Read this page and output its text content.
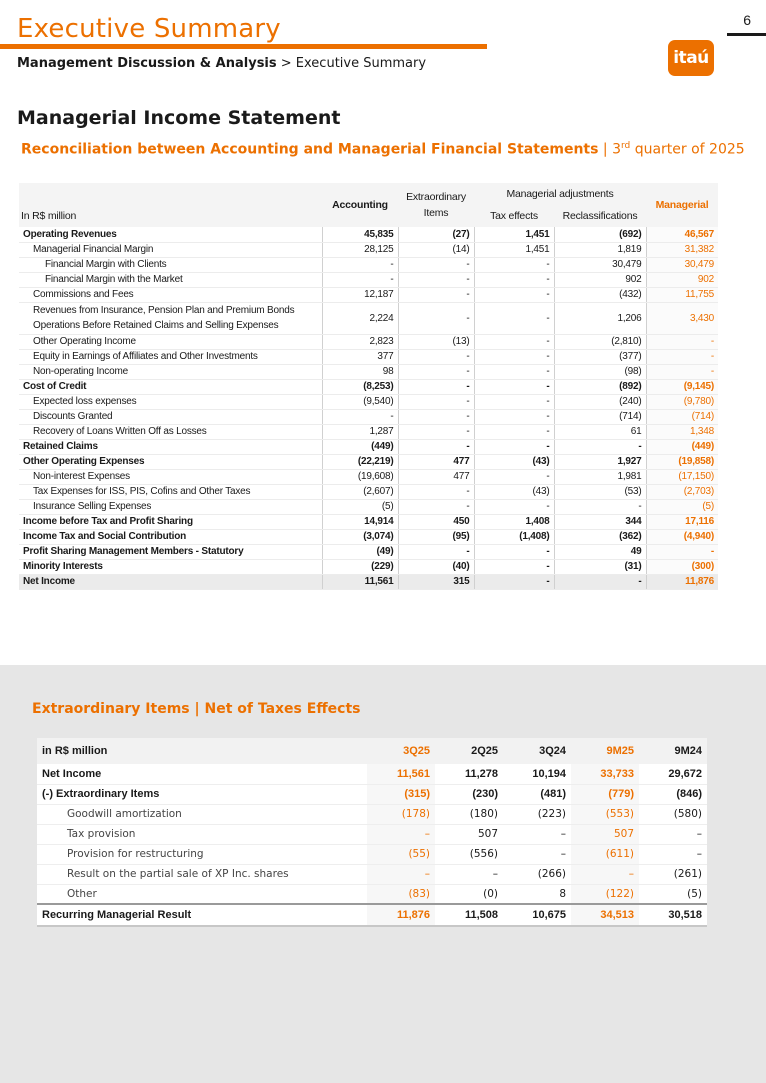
Executive Summary	6
itaú
Management Discussion & Analysis > Executive Summary
Managerial Income Statement
Reconciliation between Accounting and Managerial Financial Statements | 3rd quarter of 2025
In R$ million	Accounting	Extraordinary Items	Managerial adjustments		Managerial
			Tax effects	Reclassifications	
Operating Revenues	45,835	(27)	1,451	(692)	46,567
Managerial Financial Margin	28,125	(14)	1,451	1,819	31,382
Financial Margin with Clients	-	-	-	30,479	30,479
Financial Margin with the Market	-	-	-	902	902
Commissions and Fees	12,187	-	-	(432)	11,755
Revenues from Insurance, Pension Plan and Premium Bonds Operations Before Retained Claims and Selling Expenses	2,224	-	-	1,206	3,430
Other Operating Income	2,823	(13)	-	(2,810)	-
Equity in Earnings of Affiliates and Other Investments	377	-	-	(377)	-
Non-operating Income	98	-	-	(98)	-
Cost of Credit	(8,253)	-	-	(892)	(9,145)
Expected loss expenses	(9,540)	-	-	(240)	(9,780)
Discounts Granted	-	-	-	(714)	(714)
Recovery of Loans Written Off as Losses	1,287	-	-	61	1,348
Retained Claims	(449)	-	-	-	(449)
Other Operating Expenses	(22,219)	477	(43)	1,927	(19,858)
Non-interest Expenses	(19,608)	477	-	1,981	(17,150)
Tax Expenses for ISS, PIS, Cofins and Other Taxes	(2,607)	-	(43)	(53)	(2,703)
Insurance Selling Expenses	(5)	-	-	-	(5)
Income before Tax and Profit Sharing	14,914	450	1,408	344	17,116
Income Tax and Social Contribution	(3,074)	(95)	(1,408)	(362)	(4,940)
Profit Sharing Management Members - Statutory	(49)	-	-	49	-
Minority Interests	(229)	(40)	-	(31)	(300)
Net Income	11,561	315	-	-	11,876
Extraordinary Items | Net of Taxes Effects
in R$ million	3Q25	2Q25	3Q24	9M25	9M24
Net Income	11,561	11,278	10,194	33,733	29,672
(-) Extraordinary Items	(315)	(230)	(481)	(779)	(846)
Goodwill amortization	(178)	(180)	(223)	(553)	(580)
Tax provision	–	507	–	507	–
Provision for restructuring	(55)	(556)	–	(611)	–
Result on the partial sale of XP Inc. shares	–	–	(266)	–	(261)
Other	(83)	(0)	8	(122)	(5)
Recurring Managerial Result	11,876	11,508	10,675	34,513	30,518
